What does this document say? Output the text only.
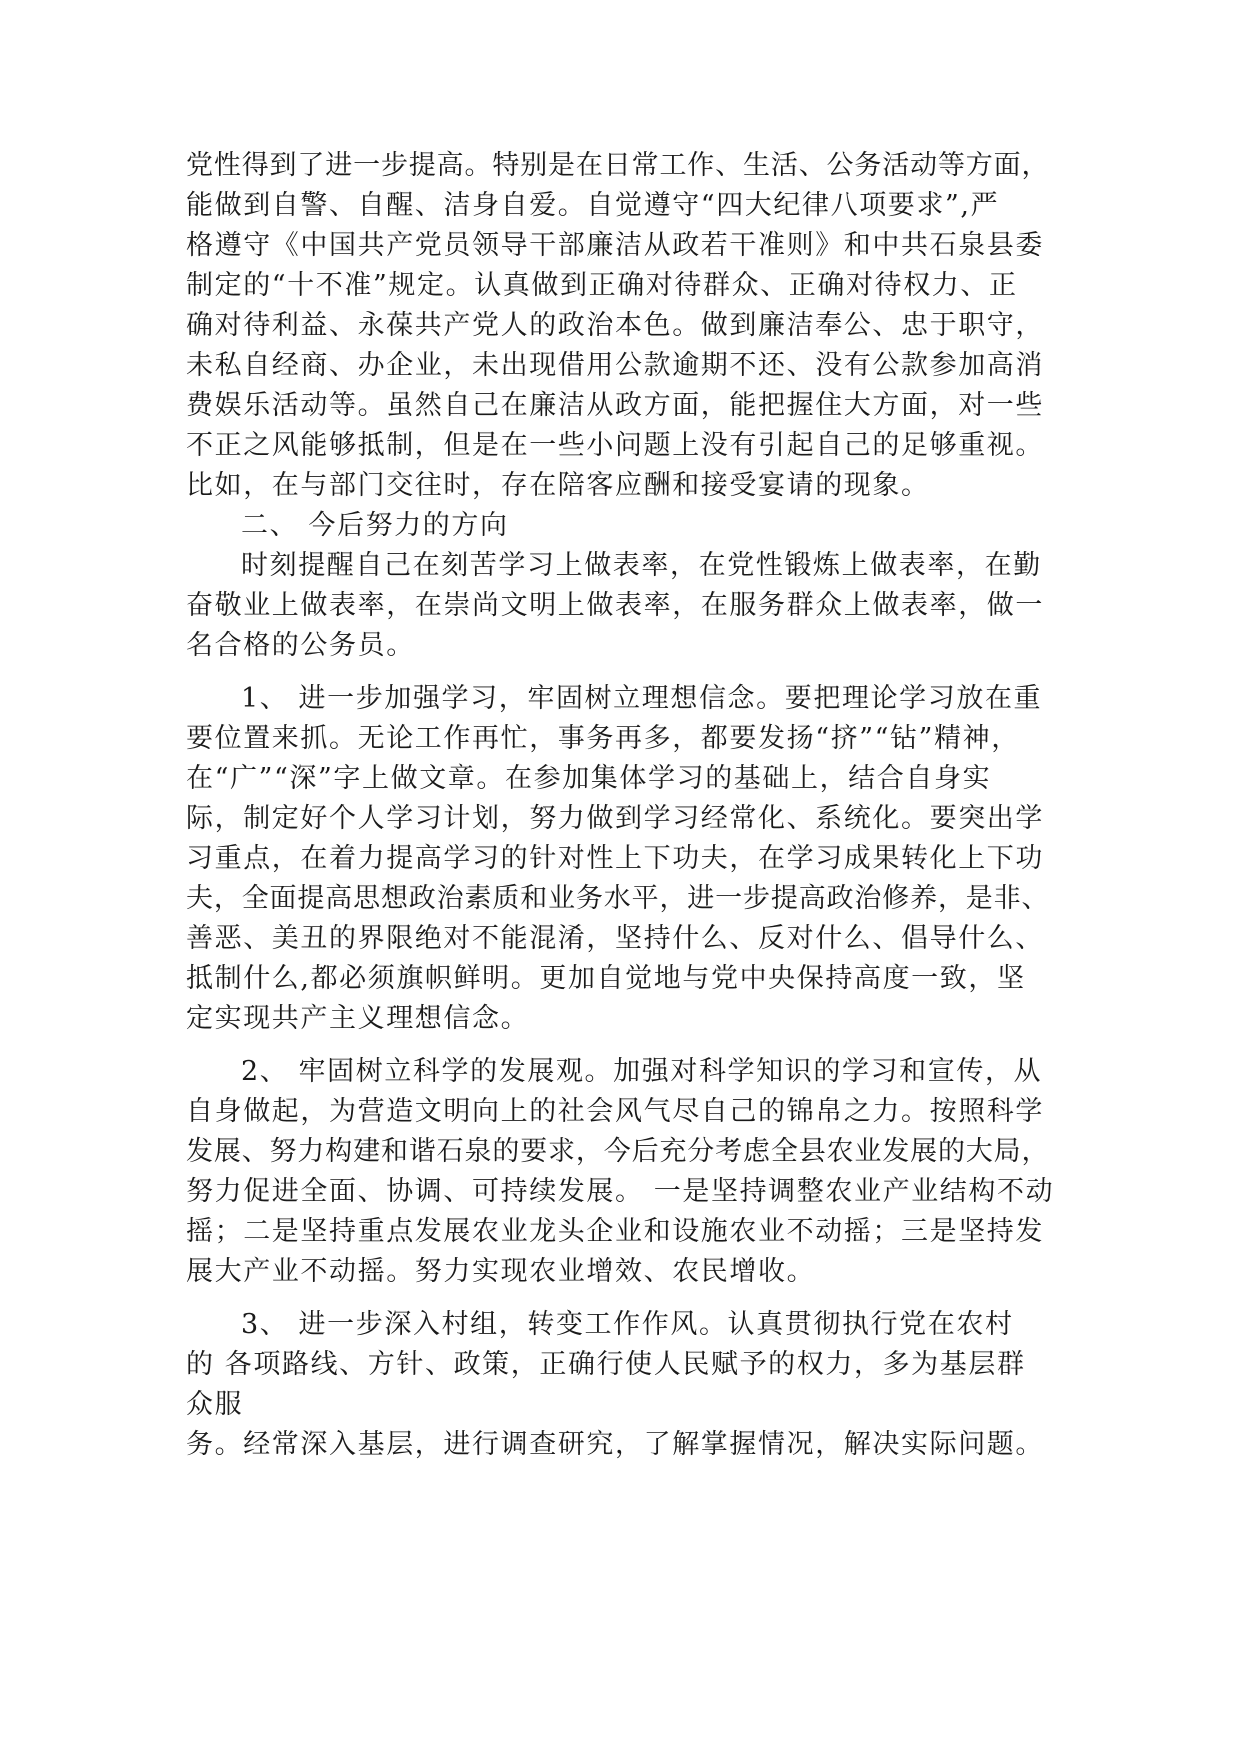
党性得到了进一步提高。特别是在日常工作、生活、公务活动等方面，
能做到自警、自醒、洁身自爱。自觉遵守“四大纪律八项要求”,严
格遵守《中国共产党员领导干部廉洁从政若干准则》和中共石泉县委
制定的“十不准”规定。认真做到正确对待群众、正确对待权力、正
确对待利益、永葆共产党人的政治本色。做到廉洁奉公、忠于职守，
未私自经商、办企业，未出现借用公款逾期不还、没有公款参加高消
费娱乐活动等。虽然自己在廉洁从政方面，能把握住大方面，对一些
不正之风能够抵制，但是在一些小问题上没有引起自己的足够重视。
比如，在与部门交往时，存在陪客应酬和接受宴请的现象。
二、 今后努力的方向
时刻提醒自己在刻苦学习上做表率，在党性锻炼上做表率，在勤
奋敬业上做表率，在崇尚文明上做表率，在服务群众上做表率，做一
名合格的公务员。
1、 进一步加强学习，牢固树立理想信念。要把理论学习放在重
要位置来抓。无论工作再忙，事务再多，都要发扬“挤”“钻”精神，
在“广”“深”字上做文章。在参加集体学习的基础上，结合自身实
际，制定好个人学习计划，努力做到学习经常化、系统化。要突出学
习重点，在着力提高学习的针对性上下功夫，在学习成果转化上下功
夫，全面提高思想政治素质和业务水平，进一步提高政治修养，是非、
善恶、美丑的界限绝对不能混淆，坚持什么、反对什么、倡导什么、
抵制什么,都必须旗帜鲜明。更加自觉地与党中央保持高度一致，坚
定实现共产主义理想信念。
2、 牢固树立科学的发展观。加强对科学知识的学习和宣传，从
自身做起，为营造文明向上的社会风气尽自己的锦帛之力。按照科学
发展、努力构建和谐石泉的要求，今后充分考虑全县农业发展的大局，
努力促进全面、协调、可持续发展。 一是坚持调整农业产业结构不动
摇；二是坚持重点发展农业龙头企业和设施农业不动摇；三是坚持发
展大产业不动摇。努力实现农业增效、农民增收。
3、 进一步深入村组，转变工作作风。认真贯彻执行党在农村
的 各项路线、方针、政策，正确行使人民赋予的权力，多为基层群
众服
务。经常深入基层，进行调查研究，了解掌握情况，解决实际问题。
